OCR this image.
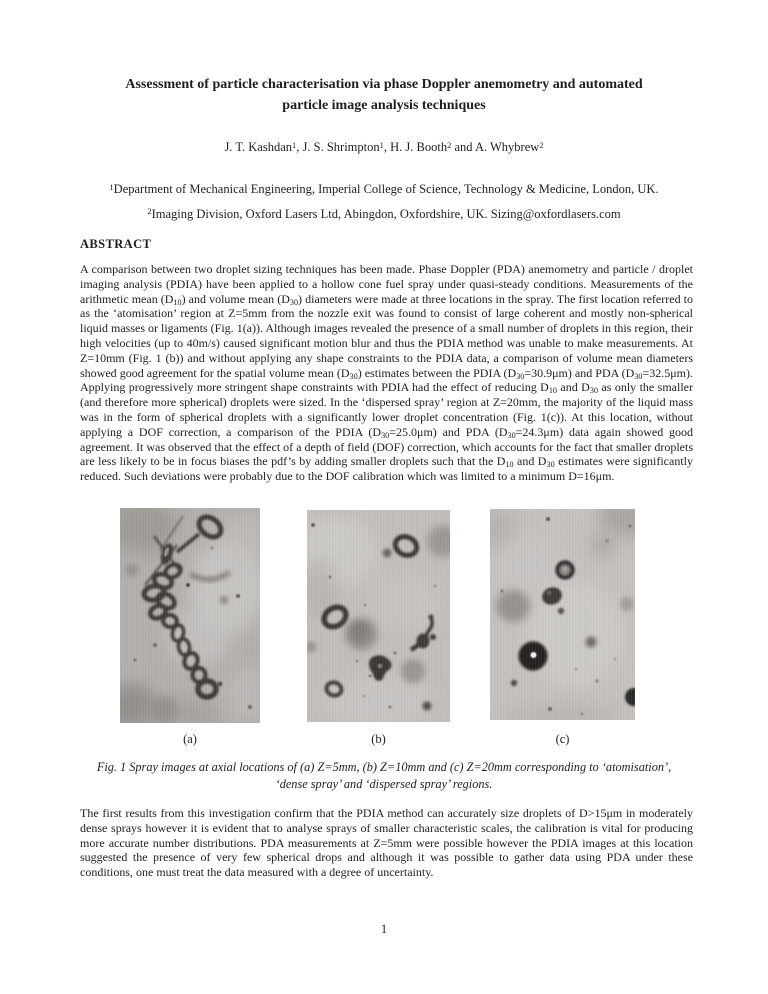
Assessment of particle characterisation via phase Doppler anemometry and automated
particle image analysis techniques
J. T. Kashdan$^1$, J. S. Shrimpton$^1$, H. J. Booth$^2$ and A. Whybrew$^2$
$^1$Department of Mechanical Engineering, Imperial College of Science, Technology & Medicine, London, UK.
$^2$Imaging Division, Oxford Lasers Ltd, Abingdon, Oxfordshire, UK. Sizing@oxfordlasers.com
ABSTRACT
A comparison between two droplet sizing techniques has been made. Phase Doppler (PDA) anemometry and particle / droplet imaging analysis (PDIA) have been applied to a hollow cone fuel spray under quasi-steady conditions. Measurements of the arithmetic mean (D10) and volume mean (D30) diameters were made at three locations in the spray. The first location referred to as the ‘atomisation’ region at Z=5mm from the nozzle exit was found to consist of large coherent and mostly non-spherical liquid masses or ligaments (Fig. 1(a)). Although images revealed the presence of a small number of droplets in this region, their high velocities (up to 40m/s) caused significant motion blur and thus the PDIA method was unable to make measurements. At Z=10mm (Fig. 1 (b)) and without applying any shape constraints to the PDIA data, a comparison of volume mean diameters showed good agreement for the spatial volume mean (D30) estimates between the PDIA (D30=30.9μm) and PDA (D30=32.5μm). Applying progressively more stringent shape constraints with PDIA had the effect of reducing D10 and D30 as only the smaller (and therefore more spherical) droplets were sized. In the ‘dispersed spray’ region at Z=20mm, the majority of the liquid mass was in the form of spherical droplets with a significantly lower droplet concentration (Fig. 1(c)). At this location, without applying a DOF correction, a comparison of the PDIA (D30=25.0μm) and PDA (D30=24.3μm) data again showed good agreement. It was observed that the effect of a depth of field (DOF) correction, which accounts for the fact that smaller droplets are less likely to be in focus biases the pdf’s by adding smaller droplets such that the D10 and D30 estimates were significantly reduced. Such deviations were probably due to the DOF calibration which was limited to a minimum D=16μm.
(a)	(b)	(c)
Fig. 1 Spray images at axial locations of (a) Z=5mm, (b) Z=10mm and (c) Z=20mm corresponding to ‘atomisation’,
‘dense spray’ and ‘dispersed spray’ regions.
The first results from this investigation confirm that the PDIA method can accurately size droplets of D>15μm in moderately dense sprays however it is evident that to analyse sprays of smaller characteristic scales, the calibration is vital for producing more accurate number distributions. PDA measurements at Z=5mm were possible however the PDIA images at this location suggested the presence of very few spherical drops and although it was possible to gather data using PDA under these conditions, one must treat the data measured with a degree of uncertainty.
1
